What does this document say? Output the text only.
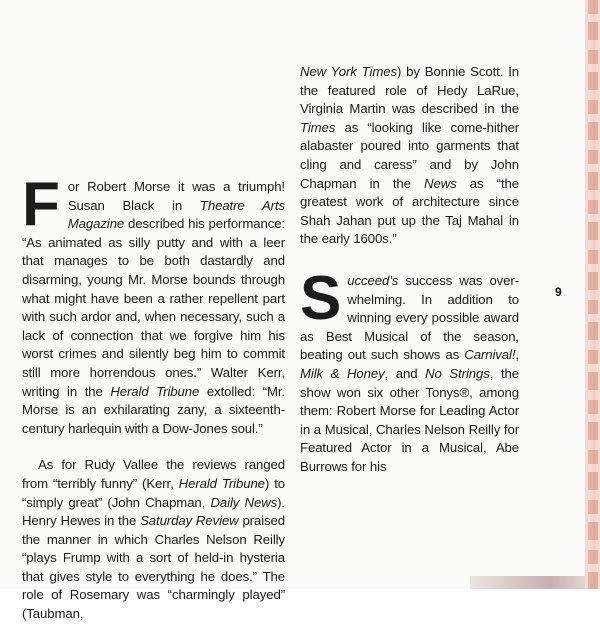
For Robert Morse it was a triumph! Susan Black in Theatre Arts Magazine described his performance: “As animated as silly putty and with a leer that manages to be both dastardly and disarming, young Mr. Morse bounds through what might have been a rather repellent part with such ardor and, when necessary, such a lack of connection that we forgive him his worst crimes and silently beg him to commit still more horrendous ones.” Walter Kerr, writing in the Herald Tribune extolled: “Mr. Morse is an exhilarating zany, a sixteenth-century harlequin with a Dow-Jones soul.”

As for Rudy Vallee the reviews ranged from “terribly funny” (Kerr, Herald Tribune) to “simply great” (John Chapman, Daily News). Henry Hewes in the Saturday Review praised the manner in which Charles Nelson Reilly “plays Frump with a sort of held-in hysteria that gives style to everything he does.” The role of Rosemary was “charmingly played” (Taubman,

New York Times) by Bonnie Scott. In the featured role of Hedy LaRue, Virginia Martin was described in the Times as “looking like come-hither alabaster poured into garments that cling and caress” and by John Chapman in the News as “the greatest work of architecture since Shah Jahan put up the Taj Mahal in the early 1600s.”

Succeed’s success was over-whelming. In addition to winning every possible award as Best Musical of the season, beating out such shows as Carnival!, Milk & Honey, and No Strings, the show won six other Tonys®, among them: Robert Morse for Leading Actor in a Musical, Charles Nelson Reilly for Featured Actor in a Musical, Abe Burrows for his

9
